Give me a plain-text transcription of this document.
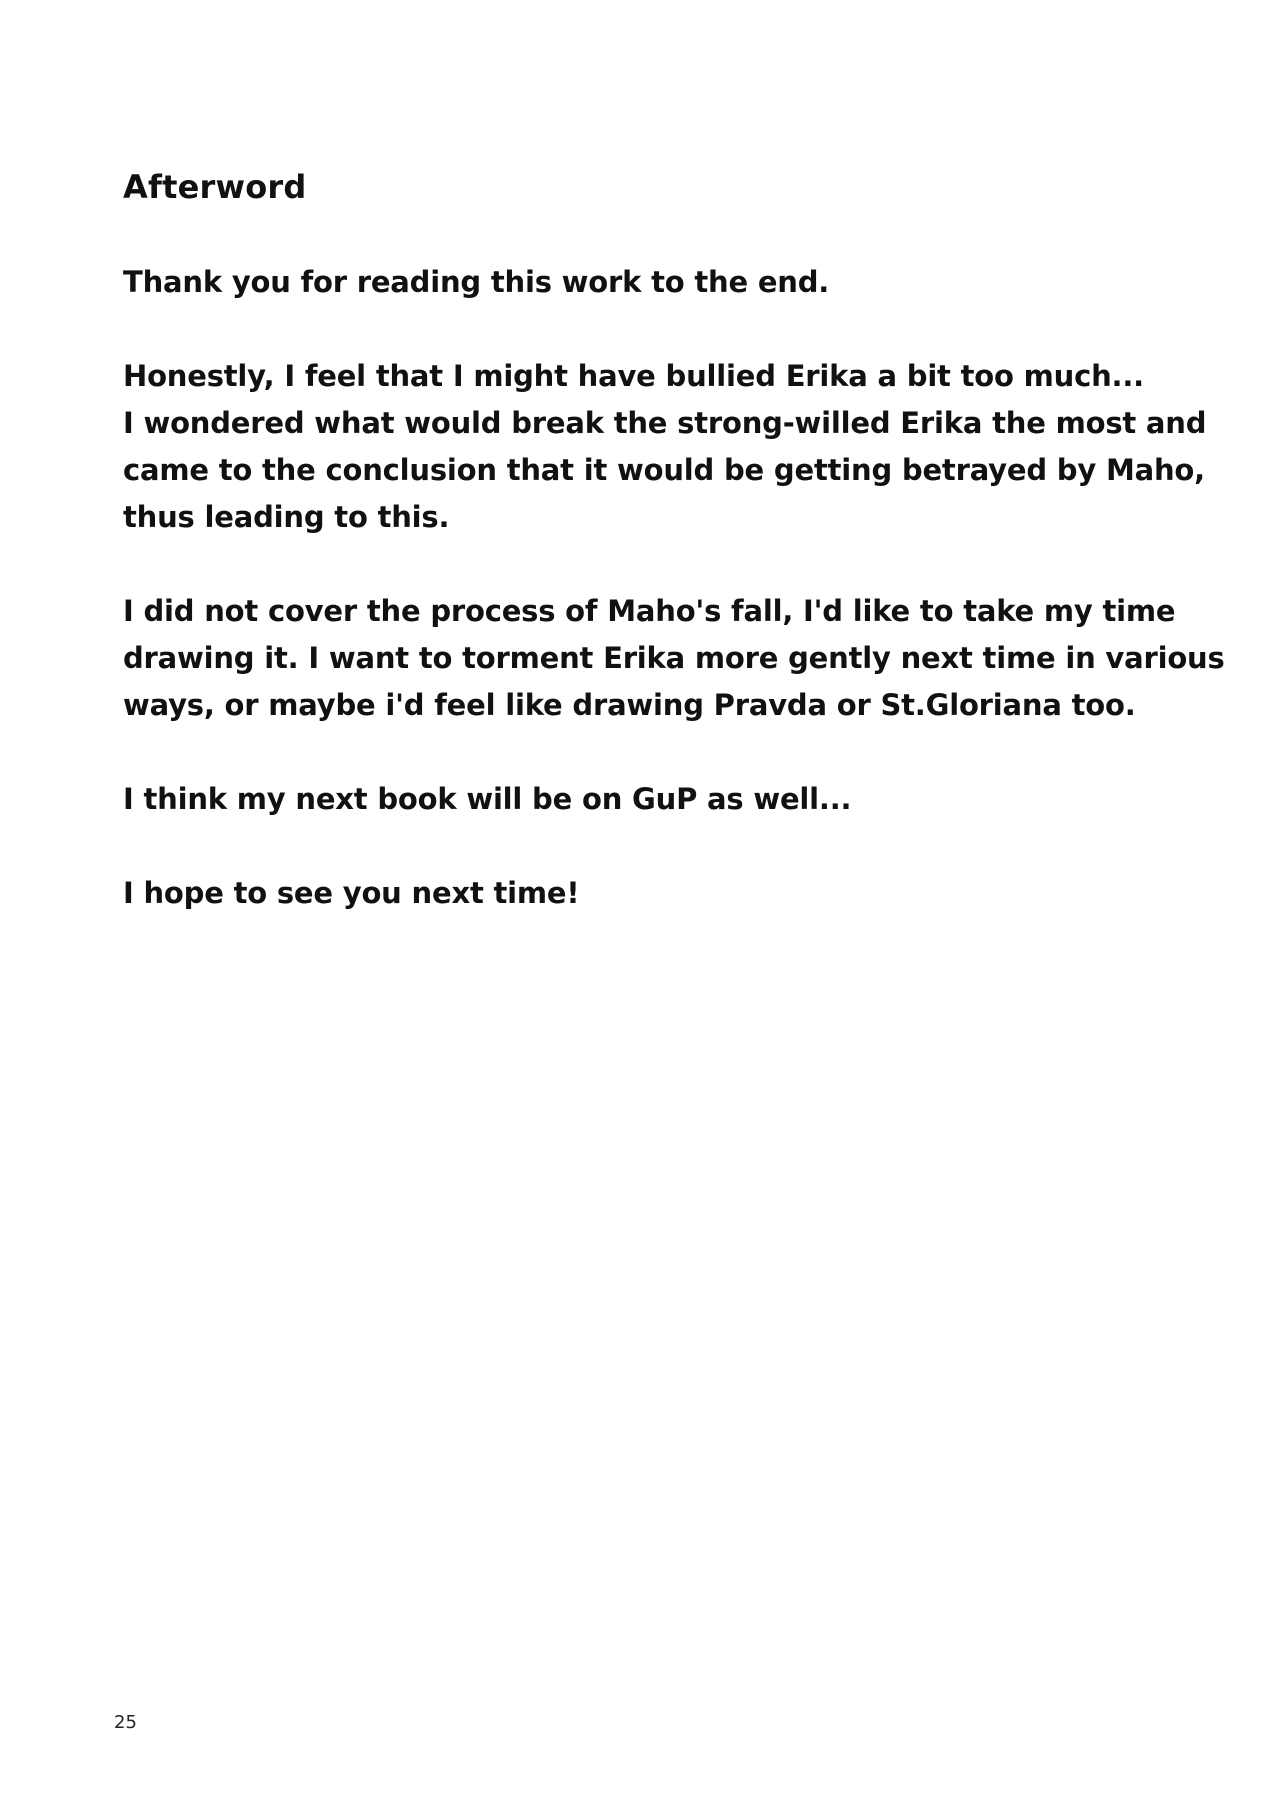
Afterword

Thank you for reading this work to the end.

Honestly, I feel that I might have bullied Erika a bit too much...
I wondered what would break the strong-willed Erika the most and
came to the conclusion that it would be getting betrayed by Maho,
thus leading to this.

I did not cover the process of Maho's fall, I'd like to take my time
drawing it. I want to torment Erika more gently next time in various
ways, or maybe i'd feel like drawing Pravda or St.Gloriana too.

I think my next book will be on GuP as well...

I hope to see you next time!

25
